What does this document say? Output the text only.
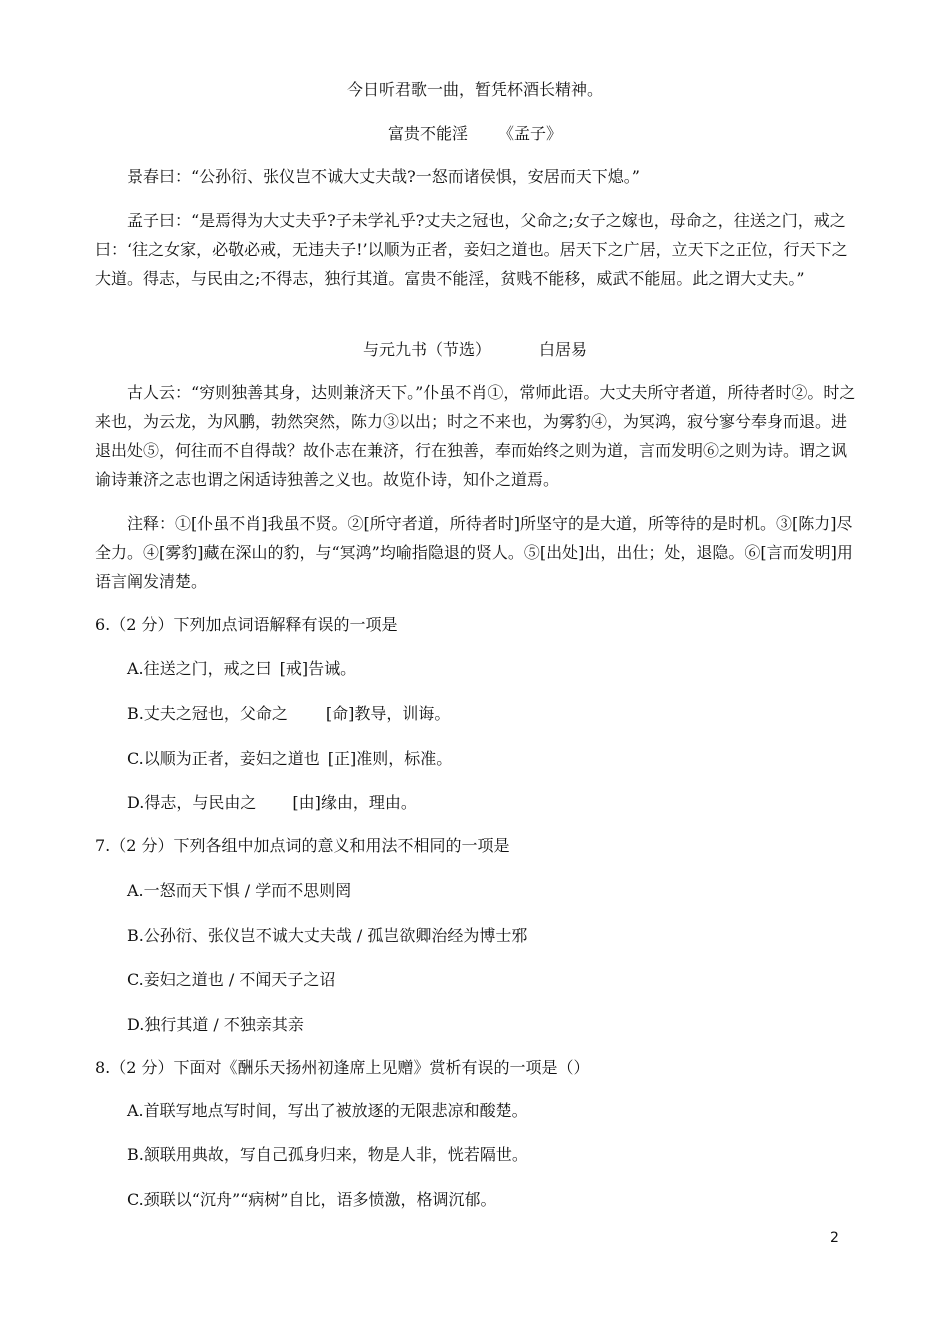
今日听君歌一曲，暂凭杯酒长精神。
富贵不能淫 《孟子》
景春曰：“公孙衍、张仪岂不诚大丈夫哉?一怒而诸侯惧，安居而天下熄。”
孟子曰：“是焉得为大丈夫乎?子未学礼乎?丈夫之冠也，父命之;女子之嫁也，母命之，往送之门，戒之曰：‘往之女家，必敬必戒，无违夫子!’以顺为正者，妾妇之道也。居天下之广居，立天下之正位，行天下之大道。得志，与民由之;不得志，独行其道。富贵不能淫，贫贱不能移，威武不能屈。此之谓大丈夫。”
与元九书（节选）	白居易
古人云：“穷则独善其身，达则兼济天下。”仆虽不肖①，常师此语。大丈夫所守者道，所待者时②。时之来也，为云龙，为风鹏，勃然突然，陈力③以出；时之不来也，为雾豹④，为冥鸿，寂兮寥兮奉身而退。进退出处⑤，何往而不自得哉？故仆志在兼济，行在独善，奉而始终之则为道，言而发明⑥之则为诗。谓之讽谕诗兼济之志也谓之闲适诗独善之义也。故览仆诗，知仆之道焉。
注释：①[仆虽不肖]我虽不贤。②[所守者道，所待者时]所坚守的是大道，所等待的是时机。③[陈力]尽全力。④[雾豹]藏在深山的豹，与“冥鸿”均喻指隐退的贤人。⑤[出处]出，出仕；处，退隐。⑥[言而发明]用语言阐发清楚。
6.（2 分）下列加点词语解释有误的一项是
A.往送之门，戒之曰 [戒]告诫。
B.丈夫之冠也，父命之 [命]教导，训诲。
C.以顺为正者，妾妇之道也 [正]准则，标准。
D.得志，与民由之 [由]缘由，理由。
7.（2 分）下列各组中加点词的意义和用法不相同的一项是
A.一怒而天下惧 / 学而不思则罔
B.公孙衍、张仪岂不诚大丈夫哉 / 孤岂欲卿治经为博士邪
C.妾妇之道也 / 不闻天子之诏
D.独行其道 / 不独亲其亲
8.（2 分）下面对《酬乐天扬州初逢席上见赠》赏析有误的一项是（）
A.首联写地点写时间，写出了被放逐的无限悲凉和酸楚。
B.颔联用典故，写自己孤身归来，物是人非，恍若隔世。
C.颈联以“沉舟”“病树”自比，语多愤激，格调沉郁。
2
